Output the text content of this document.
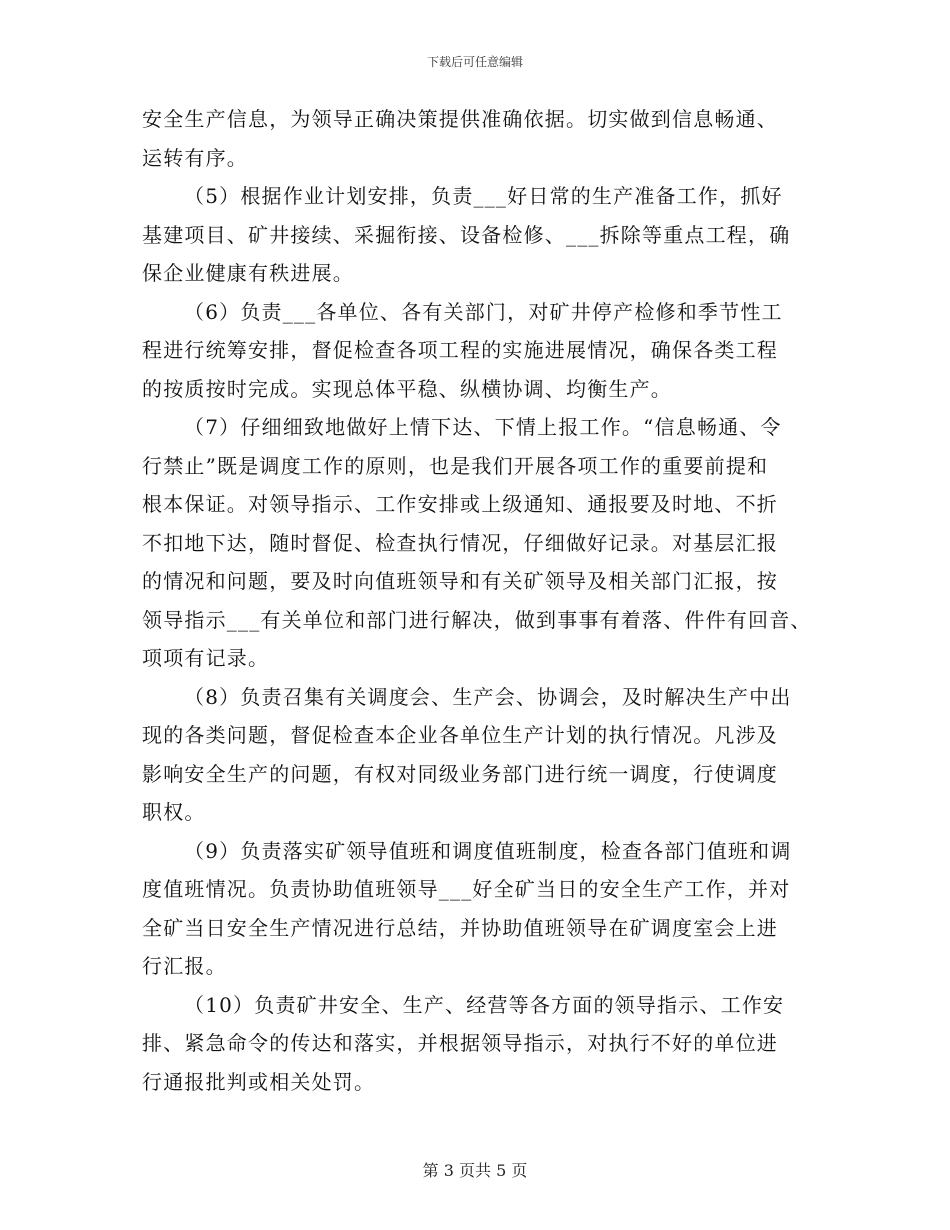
下载后可任意编辑
安全生产信息，为领导正确决策提供准确依据。切实做到信息畅通、
运转有序。
（5）根据作业计划安排，负责___好日常的生产准备工作，抓好
基建项目、矿井接续、采掘衔接、设备检修、___拆除等重点工程，确
保企业健康有秩进展。
（6）负责___各单位、各有关部门，对矿井停产检修和季节性工
程进行统筹安排，督促检查各项工程的实施进展情况，确保各类工程
的按质按时完成。实现总体平稳、纵横协调、均衡生产。
（7）仔细细致地做好上情下达、下情上报工作。“信息畅通、令
行禁止”既是调度工作的原则，也是我们开展各项工作的重要前提和
根本保证。对领导指示、工作安排或上级通知、通报要及时地、不折
不扣地下达，随时督促、检查执行情况，仔细做好记录。对基层汇报
的情况和问题，要及时向值班领导和有关矿领导及相关部门汇报，按
领导指示___有关单位和部门进行解决，做到事事有着落、件件有回音、
项项有记录。
（8）负责召集有关调度会、生产会、协调会，及时解决生产中出
现的各类问题，督促检查本企业各单位生产计划的执行情况。凡涉及
影响安全生产的问题，有权对同级业务部门进行统一调度，行使调度
职权。
（9）负责落实矿领导值班和调度值班制度，检查各部门值班和调
度值班情况。负责协助值班领导___好全矿当日的安全生产工作，并对
全矿当日安全生产情况进行总结，并协助值班领导在矿调度室会上进
行汇报。
（10）负责矿井安全、生产、经营等各方面的领导指示、工作安
排、紧急命令的传达和落实，并根据领导指示，对执行不好的单位进
行通报批判或相关处罚。
第 3 页共 5 页
